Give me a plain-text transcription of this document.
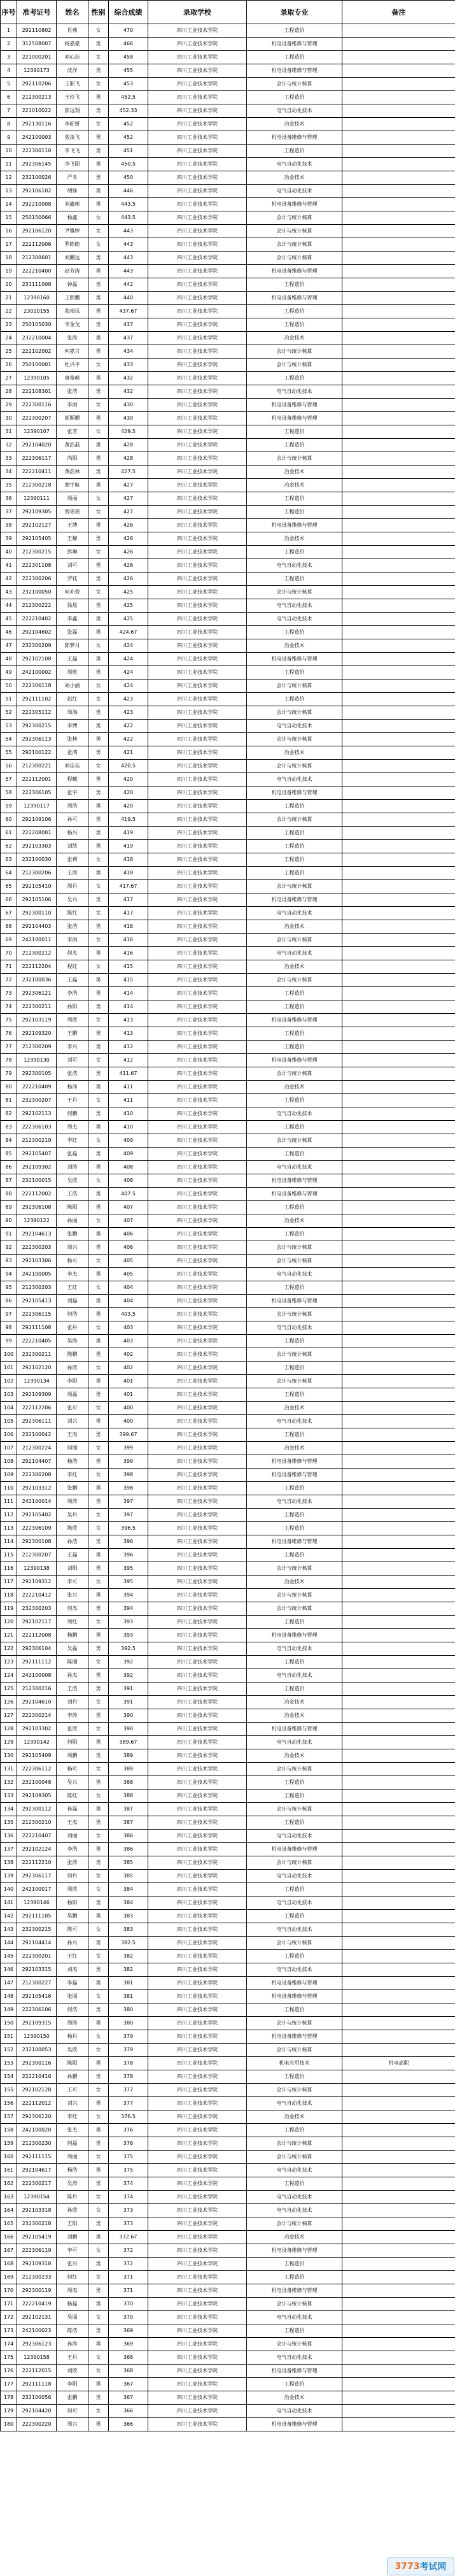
序号	准考证号	姓名	性别	综合成绩	录取学校	录取专业	备注
1	292110802	肖燕	女	470	四川工业技术学院	工程造价	
2	312508007	杨嘉豪	男	466	四川工业技术学院	机电设备维修与管理	
3	221000201	刘心洁	女	458	四川工业技术学院	工程造价	
4	12390173	沈洋	男	455	四川工业技术学院	机电设备维修与管理	
5	292110206	王职飞	女	453	四川工业技术学院	会计与统计核算	
6	212300213	王玲飞	男	452.5	四川工业技术学院	工程造价	
7	221010022	彭远翔	男	452.33	四川工业技术学院	电气自动化技术	
8	292130116	李旺妍	女	452	四川工业技术学院	冶金技术	
9	242100003	张凌飞	男	452	四川工业技术学院	机电设备维修与管理	
10	222300110	李飞飞	男	451	四川工业技术学院	工程造价	
11	292306145	李飞阳	男	450.5	四川工业技术学院	电气自动化技术	
12	232100026	严冬	男	450	四川工业技术学院	冶金技术	
13	292106102	胡锋	男	446	四川工业技术学院	电气自动化技术	
14	292210008	刘鑫彬	男	443.5	四川工业技术学院	机电设备维修与管理	
15	250150066	杨鑫	女	443.5	四川工业技术学院	会计与统计核算	
16	292106120	尹雅婷	女	443	四川工业技术学院	会计与统计核算	
17	222112006	罗皓皓	女	443	四川工业技术学院	会计与统计核算	
18	212300601	刘鹏远	男	443	四川工业技术学院	会计与统计核算	
19	222210400	赵芳涛	男	443	四川工业技术学院	机电设备维修与管理	
20	231111008	钟磊	男	442	四川工业技术学院	工程造价	
21	12390160	王欣鹏	男	440	四川工业技术学院	机电设备维修与管理	
22	23010155	张靖远	男	437.67	四川工业技术学院	工程造价	
23	250105030	李金戈	男	437	四川工业技术学院	工程造价	
24	232210004	张涛	男	437	四川工业技术学院	冶金技术	
25	222102002	何嘉言	男	434	四川工业技术学院	会计与统计核算	
26	250100001	杜兴平	女	433	四川工业技术学院	会计与统计核算	
27	12390105	唐俊峰	男	432	四川工业技术学院	工程造价	
28	222108301	张浩	男	432	四川工业技术学院	电气自动化技术	
29	222300116	李雨	女	430	四川工业技术学院	机电设备维修与管理	
30	222300207	郭斯鹏	男	430	四川工业技术学院	机电设备维修与管理	
31	12390107	张芳	女	429.5	四川工业技术学院	工程造价	
32	292104020	黄浩磊	男	428	四川工业技术学院	工程造价	
33	222306117	尚阳	男	428	四川工业技术学院	会计与统计核算	
34	222210411	黄浩林	男	427.5	四川工业技术学院	冶金技术	
35	212300218	谢宇航	男	427	四川工业技术学院	冶金技术	
36	12390111	周丽	女	427	四川工业技术学院	工程造价	
37	292109305	曾瑶瑶	女	427	四川工业技术学院	工程造价	
38	292102127	王博	男	426	四川工业技术学院	机电设备维修与管理	
39	292105405	王赫	男	426	四川工业技术学院	冶金技术	
40	212300215	彭琳	女	426	四川工业技术学院	工程造价	
41	222301108	刘可	男	426	四川工业技术学院	电气自动化技术	
42	222300206	罗钰	男	426	四川工业技术学院	工程造价	
43	232100050	何亦萱	女	425	四川工业技术学院	会计与统计核算	
44	212300222	徐晨	男	425	四川工业技术学院	电气自动化技术	
45	222210402	李鑫	男	425	四川工业技术学院	电气自动化技术	
46	292104602	张磊	男	424.67	四川工业技术学院	工程造价	
47	232300209	陈梦月	女	424	四川工业技术学院	冶金技术	
48	292102108	王磊	男	424	四川工业技术学院	机电设备维修与管理	
49	242100002	周航	男	424	四川工业技术学院	工程造价	
50	222306118	周小涵	女	424	四川工业技术学院	会计与统计核算	
51	292111102	赵红	女	423	四川工业技术学院	工程造价	
52	222305112	周海	男	423	四川工业技术学院	会计与统计核算	
53	292300215	李博	男	422	四川工业技术学院	电气自动化技术	
54	292306113	张林	男	422	四川工业技术学院	会计与统计核算	
55	292100122	张鸿	男	421	四川工业技术学院	冶金技术	
56	212300221	刘佳佳	女	420.5	四川工业技术学院	会计与统计核算	
57	222112001	程曦	男	420	四川工业技术学院	电气自动化技术	
58	222306105	张宇	男	420	四川工业技术学院	机电设备维修与管理	
59	12390117	周浩	男	420	四川工业技术学院	工程造价	
60	292109106	孙可	男	419.5	四川工业技术学院	会计与统计核算	
61	222208001	杨兴	男	419	四川工业技术学院	工程造价	
62	292103303	刘凯	男	419	四川工业技术学院	工程造价	
63	232100030	张莉	女	418	四川工业技术学院	工程造价	
64	212300206	王涛	男	418	四川工业技术学院	工程造价	
65	292105410	周丹	女	417.67	四川工业技术学院	会计与统计核算	
66	292105106	吴兴	男	417	四川工业技术学院	机电设备维修与管理	
67	292300110	陈红	女	417	四川工业技术学院	电气自动化技术	
68	292104403	张浩	男	416	四川工业技术学院	冶金技术	
69	242100011	李雨	女	416	四川工业技术学院	会计与统计核算	
70	212300212	何杰	男	416	四川工业技术学院	电气自动化技术	
71	222112204	程红	女	415	四川工业技术学院	冶金技术	
72	232100036	王磊	男	415	四川工业技术学院	会计与统计核算	
73	292306121	李浩	男	414	四川工业技术学院	工程造价	
74	222300211	孙阳	男	414	四川工业技术学院	工程造价	
75	292103119	周欣	女	413	四川工业技术学院	机电设备维修与管理	
76	292109320	王鹏	男	413	四川工业技术学院	工程造价	
77	212300209	李兴	男	412	四川工业技术学院	工程造价	
78	12390130	刘可	女	412	四川工业技术学院	机电设备维修与管理	
79	292300105	张浩	男	411.67	四川工业技术学院	会计与统计核算	
80	222210409	杨洋	男	411	四川工业技术学院	冶金技术	
81	232300207	王丹	女	411	四川工业技术学院	工程造价	
82	292102113	何鹏	男	410	四川工业技术学院	电气自动化技术	
83	222306103	周杰	男	410	四川工业技术学院	工程造价	
84	212300219	李红	女	409	四川工业技术学院	会计与统计核算	
85	292105407	张磊	男	409	四川工业技术学院	工程造价	
86	292109302	刘涛	男	408	四川工业技术学院	电气自动化技术	
87	232100015	吴欣	女	408	四川工业技术学院	机电设备维修与管理	
88	222112002	王浩	男	407.5	四川工业技术学院	机电设备维修与管理	
89	292306108	陈阳	男	407	四川工业技术学院	工程造价	
90	12390122	孙丽	女	407	四川工业技术学院	冶金技术	
91	292104613	张鹏	男	406	四川工业技术学院	工程造价	
92	222300203	周兴	男	406	四川工业技术学院	会计与统计核算	
93	292103306	杨可	女	405	四川工业技术学院	会计与统计核算	
94	242100005	李杰	男	405	四川工业技术学院	电气自动化技术	
95	212300203	王红	女	404	四川工业技术学院	工程造价	
96	292105413	刘磊	男	404	四川工业技术学院	机电设备维修与管理	
97	222306115	何浩	男	403.5	四川工业技术学院	会计与统计核算	
98	292111108	张丹	女	403	四川工业技术学院	电气自动化技术	
99	222210405	吴涛	男	403	四川工业技术学院	工程造价	
100	232300211	陈鹏	男	402	四川工业技术学院	会计与统计核算	
101	292102120	孙欣	女	402	四川工业技术学院	工程造价	
102	12390134	李阳	男	401	四川工业技术学院	会计与统计核算	
103	292109309	周磊	男	401	四川工业技术学院	工程造价	
104	222112206	张可	女	400	四川工业技术学院	冶金技术	
105	292306111	刘兴	男	400	四川工业技术学院	电气自动化技术	
106	232100042	王杰	男	399.67	四川工业技术学院	工程造价	
107	212300224	何丽	女	399	四川工业技术学院	冶金技术	
108	292104407	杨浩	男	399	四川工业技术学院	机电设备维修与管理	
109	222300208	李红	女	398	四川工业技术学院	机电设备维修与管理	
110	292103312	张鹏	男	398	四川工业技术学院	工程造价	
111	242100014	周涛	男	397	四川工业技术学院	电气自动化技术	
112	292105402	吴丹	女	397	四川工业技术学院	工程造价	
113	222306109	陈欣	女	396.5	四川工业技术学院	工程造价	
114	292300108	孙浩	男	396	四川工业技术学院	机电设备维修与管理	
115	212300207	王磊	男	396	四川工业技术学院	工程造价	
116	12390138	刘阳	男	395	四川工业技术学院	会计与统计核算	
117	292109312	李可	女	395	四川工业技术学院	冶金技术	
118	222210412	张兴	男	394	四川工业技术学院	会计与统计核算	
119	232300203	何杰	男	394	四川工业技术学院	会计与统计核算	
120	292102117	周红	女	393	四川工业技术学院	工程造价	
121	222112008	杨鹏	男	393	四川工业技术学院	机电设备维修与管理	
122	292306104	吴磊	男	392.5	四川工业技术学院	电气自动化技术	
123	292111112	陈丽	女	392	四川工业技术学院	工程造价	
124	242100008	孙杰	男	392	四川工业技术学院	电气自动化技术	
125	212300216	王浩	男	391	四川工业技术学院	工程造价	
126	292104610	刘丹	女	391	四川工业技术学院	冶金技术	
127	222300214	李涛	男	390	四川工业技术学院	冶金技术	
128	292103302	张欣	女	390	四川工业技术学院	机电设备维修与管理	
129	12390142	何阳	男	389.67	四川工业技术学院	电气自动化技术	
130	292105409	周鹏	男	389	四川工业技术学院	冶金技术	
131	222306112	杨可	女	389	四川工业技术学院	会计与统计核算	
132	232100048	吴兴	男	388	四川工业技术学院	工程造价	
133	292109305	陈红	女	388	四川工业技术学院	工程造价	
134	292300112	孙磊	男	387	四川工业技术学院	会计与统计核算	
135	212300210	王杰	男	387	四川工业技术学院	工程造价	
136	222210407	刘丽	女	386	四川工业技术学院	电气自动化技术	
137	292102124	李浩	男	386	四川工业技术学院	机电设备维修与管理	
138	222112210	张涛	男	385	四川工业技术学院	会计与统计核算	
139	292306117	何丹	女	385	四川工业技术学院	电气自动化技术	
140	242100017	周欣	女	384	四川工业技术学院	工程造价	
141	12390146	杨阳	男	384	四川工业技术学院	电气自动化技术	
142	292111105	吴鹏	男	383	四川工业技术学院	工程造价	
143	232300215	陈可	女	383	四川工业技术学院	电气自动化技术	
144	292104414	孙兴	男	382.5	四川工业技术学院	会计与统计核算	
145	222300201	王红	女	382	四川工业技术学院	工程造价	
146	292103315	刘杰	男	382	四川工业技术学院	电气自动化技术	
147	212300227	李磊	男	381	四川工业技术学院	机电设备维修与管理	
148	292105416	张丽	女	381	四川工业技术学院	机电设备维修与管理	
149	222306106	何浩	男	380	四川工业技术学院	工程造价	
150	292109315	周涛	男	380	四川工业技术学院	会计与统计核算	
151	12390150	杨丹	女	379	四川工业技术学院	机电设备维修与管理	
152	232100053	吴欣	女	379	四川工业技术学院	会计与统计核算	
153	292300116	陈阳	男	378	四川工业技术学院	机电应用技术	机电高职
154	222210416	孙鹏	男	378	四川工业技术学院	工程造价	
155	292102128	王可	女	377	四川工业技术学院	会计与统计核算	
156	222112012	刘兴	男	377	四川工业技术学院	电气自动化技术	
157	292306120	李红	女	376.5	四川工业技术学院	冶金技术	
158	242100020	张杰	男	376	四川工业技术学院	工程造价	
159	212300230	何磊	男	376	四川工业技术学院	会计与统计核算	
160	292111115	周丽	女	375	四川工业技术学院	会计与统计核算	
161	292104617	杨浩	男	375	四川工业技术学院	电气自动化技术	
162	222300217	吴涛	男	374	四川工业技术学院	工程造价	
163	12390154	陈丹	女	374	四川工业技术学院	电气自动化技术	
164	292103318	孙欣	女	373	四川工业技术学院	电气自动化技术	
165	232300218	王阳	男	373	四川工业技术学院	会计与统计核算	
166	292105419	刘鹏	男	372.67	四川工业技术学院	冶金技术	
167	222306119	李可	女	372	四川工业技术学院	机电设备维修与管理	
168	292109318	张兴	男	372	四川工业技术学院	工程造价	
169	212300233	何红	女	371	四川工业技术学院	工程造价	
170	292300119	周杰	男	371	四川工业技术学院	机电设备维修与管理	
171	222210419	杨磊	男	370	四川工业技术学院	会计与统计核算	
172	292102131	吴丽	女	370	四川工业技术学院	电气自动化技术	
173	242100023	陈浩	男	369	四川工业技术学院	工程造价	
174	292306123	孙涛	男	369	四川工业技术学院	会计与统计核算	
175	12390158	王丹	女	368	四川工业技术学院	电气自动化技术	
176	222112015	刘欣	女	368	四川工业技术学院	机电设备维修与管理	
177	292111118	李阳	男	367	四川工业技术学院	工程造价	
178	232100056	张鹏	男	367	四川工业技术学院	冶金技术	
179	292104420	何可	女	366	四川工业技术学院	电气自动化技术	
180	222300220	周兴	男	366	四川工业技术学院	机电设备维修与管理	
3773 考试网
